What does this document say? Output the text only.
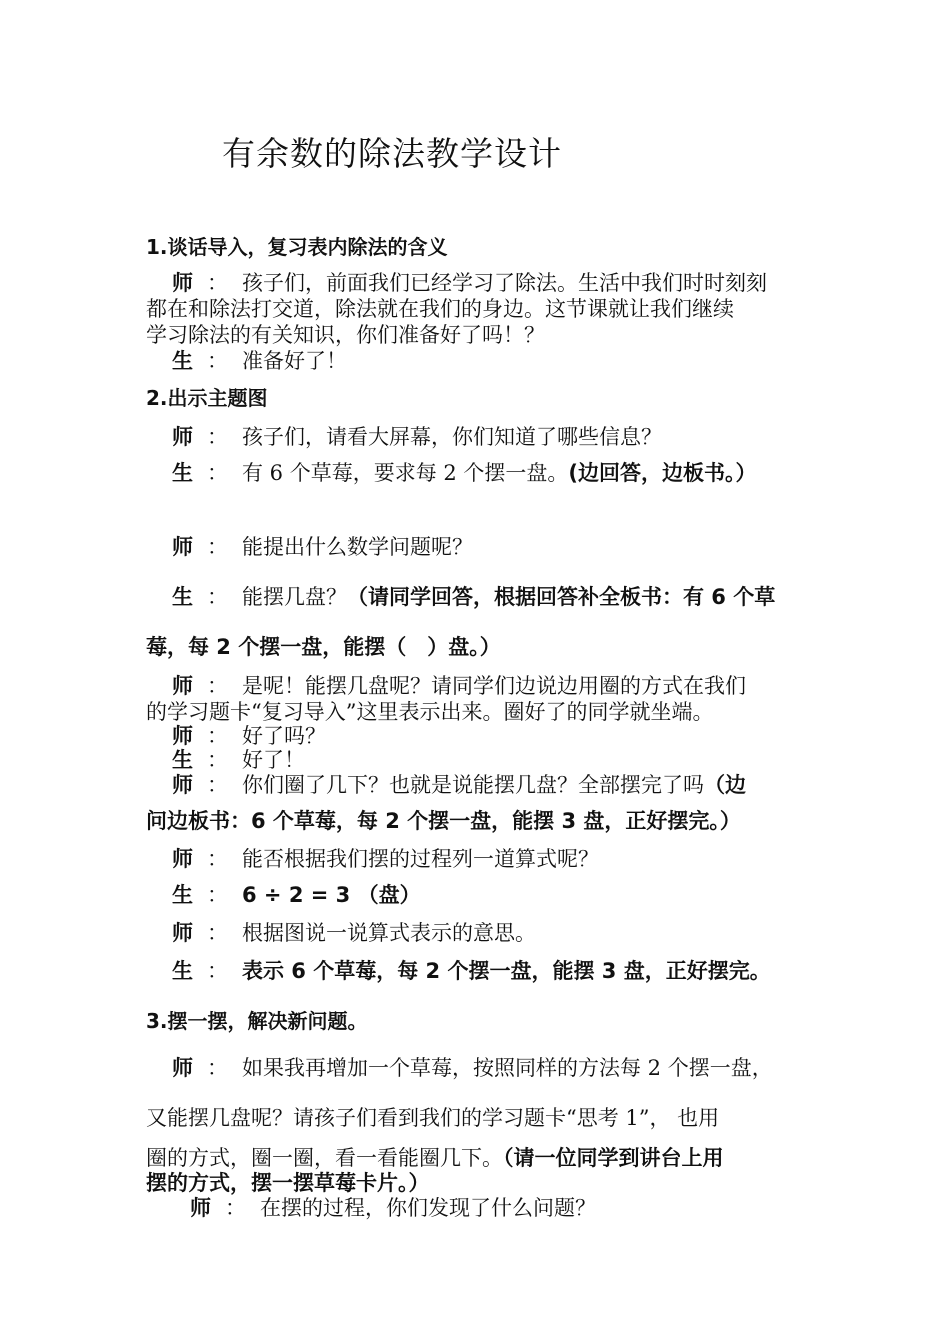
有余数的除法教学设计
1.谈话导入，复习表内除法的含义
师 ： 孩子们，前面我们已经学习了除法。生活中我们时时刻刻
都在和除法打交道，除法就在我们的身边。这节课就让我们继续
学习除法的有关知识，你们准备好了吗！？
生 ： 准备好了！
2.出示主题图
师 ： 孩子们，请看大屏幕，你们知道了哪些信息？
生 ： 有 6 个草莓，要求每 2 个摆一盘。(边回答，边板书。）
师 ： 能提出什么数学问题呢？
生 ： 能摆几盘？（请同学回答，根据回答补全板书：有 6 个草
莓，每 2 个摆一盘，能摆（　）盘。）
师 ： 是呢！能摆几盘呢？请同学们边说边用圈的方式在我们
的学习题卡“复习导入”这里表示出来。圈好了的同学就坐端。
师 ： 好了吗？
生 ： 好了！
师 ： 你们圈了几下？也就是说能摆几盘？全部摆完了吗（边
问边板书：6 个草莓，每 2 个摆一盘，能摆 3 盘，正好摆完。）
师 ： 能否根据我们摆的过程列一道算式呢？
生 ： 6 ÷ 2 = 3 （盘）
师 ： 根据图说一说算式表示的意思。
生 ： 表示 6 个草莓，每 2 个摆一盘，能摆 3 盘，正好摆完。
3.摆一摆，解决新问题。
师 ： 如果我再增加一个草莓，按照同样的方法每 2 个摆一盘，
又能摆几盘呢？请孩子们看到我们的学习题卡“思考 1”， 也用
圈的方式，圈一圈，看一看能圈几下。（请一位同学到讲台上用
摆的方式，摆一摆草莓卡片。）
师 ： 在摆的过程，你们发现了什么问题？
